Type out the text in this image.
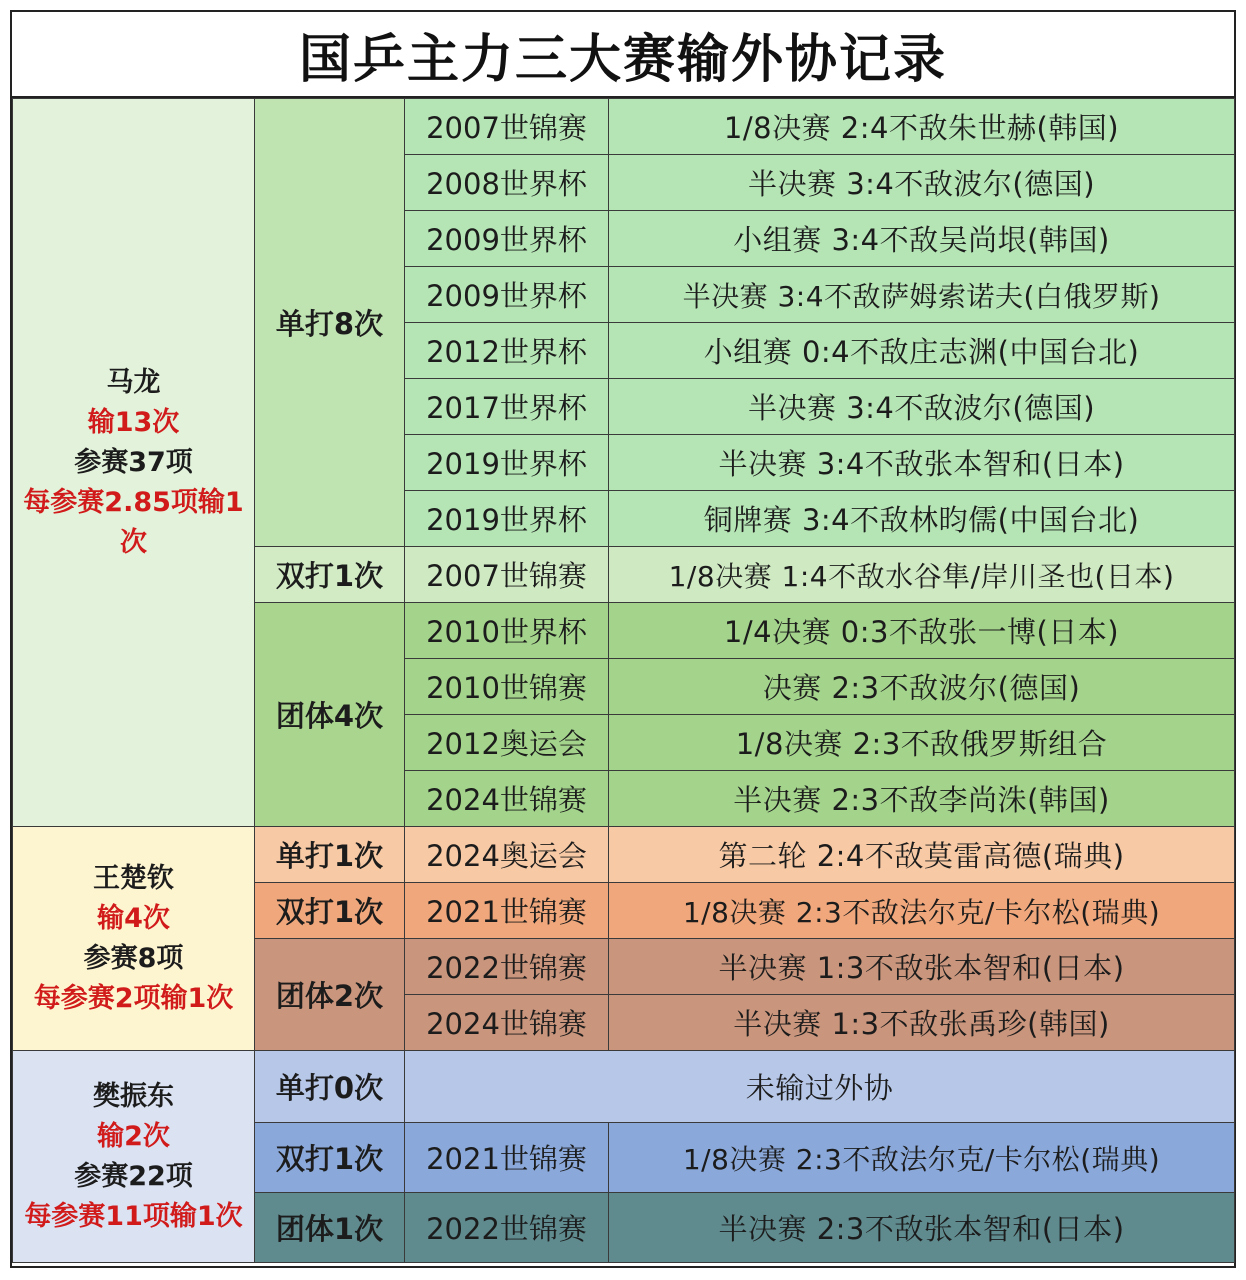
国乒主力三大赛输外协记录
马龙
输13次
参赛37项
每参赛2.85项输1次	单打8次	2007世锦赛	1/8决赛 2:4不敌朱世赫(韩国)
		2008世界杯	半决赛 3:4不敌波尔(德国)
		2009世界杯	小组赛 3:4不敌吴尚垠(韩国)
		2009世界杯	半决赛 3:4不敌萨姆索诺夫(白俄罗斯)
		2012世界杯	小组赛 0:4不敌庄志渊(中国台北)
		2017世界杯	半决赛 3:4不敌波尔(德国)
		2019世界杯	半决赛 3:4不敌张本智和(日本)
		2019世界杯	铜牌赛 3:4不敌林昀儒(中国台北)
	双打1次	2007世锦赛	1/8决赛 1:4不敌水谷隼/岸川圣也(日本)
	团体4次	2010世界杯	1/4决赛 0:3不敌张一博(日本)
		2010世锦赛	决赛 2:3不敌波尔(德国)
		2012奥运会	1/8决赛 2:3不敌俄罗斯组合
		2024世锦赛	半决赛 2:3不敌李尚洙(韩国)

王楚钦
输4次
参赛8项
每参赛2项输1次	单打1次	2024奥运会	第二轮 2:4不敌莫雷高德(瑞典)
	双打1次	2021世锦赛	1/8决赛 2:3不敌法尔克/卡尔松(瑞典)
	团体2次	2022世锦赛	半决赛 1:3不敌张本智和(日本)
		2024世锦赛	半决赛 1:3不敌张禹珍(韩国)

樊振东
输2次
参赛22项
每参赛11项输1次	单打0次	未输过外协	
	双打1次	2021世锦赛	1/8决赛 2:3不敌法尔克/卡尔松(瑞典)
	团体1次	2022世锦赛	半决赛 2:3不敌张本智和(日本)
